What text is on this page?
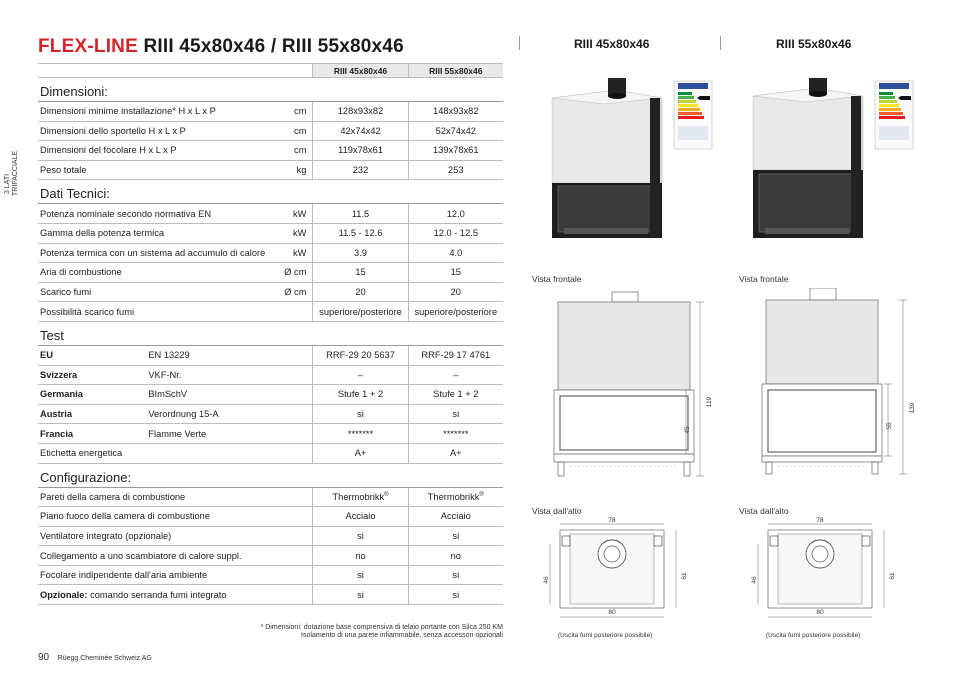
FLEX-LINE RIII 45x80x46 / RIII 55x80x46
3 LATI TRIFACCIALE
			RIII 45x80x46	RIII 55x80x46
Dimensioni:				
Dimensioni minime installazione* H x L x P		cm	128x93x82	148x93x82
Dimensioni dello sportello H x L x P		cm	42x74x42	52x74x42
Dimensioni del focolare H x L x P		cm	119x78x61	139x78x61
Peso totale		kg	232	253
Dati Tecnici:				
Potenza nominale secondo normativa EN		kW	11.5	12.0
Gamma della potenza termica		kW	11.5 - 12.6	12.0 - 12.5
Potenza termica con un sistema ad accumulo di calore		kW	3.9	4.0
Aria di combustione		Ø cm	15	15
Scarico fumi		Ø cm	20	20
Possibilità scarico fumi			superiore/posteriore	superiore/posteriore
Test				
EU	EN 13229		RRF-29 20 5637	RRF-29 17 4761
Svizzera	VKF-Nr.		–	–
Germania	BImSchV		Stufe 1 + 2	Stufe 1 + 2
Austria	Verordnung 15-A		si	si
Francia	Flamme Verte		*******	*******
Etichetta energetica			A+	A+
Configurazione:				
Pareti della camera di combustione			Thermobrikk®	Thermobrikk®
Piano fuoco della camera di combustione			Acciaio	Acciaio
Ventilatore integrato (opzionale)			si	si
Collegamento a uno scambiatore di calore suppl.			no	no
Focolare indipendente dall'aria ambiente			si	si
Opzionale: comando serranda fumi integrato			si	si
* Dimensioni: dotazione base comprensiva di telaio portante con Silca 250 KM
Isolamento di una parete infiammabile, senza accessori opzionali
90 Rüegg Cheminée Schweiz AG
RIII 45x80x46	RIII 55x80x46
Vista frontale	Vista frontale
119
45
139
55
Vista dall'alto	Vista dall'alto
78
46
61
80
78
46
61
80
(Uscita fumi posteriore possibile)	(Uscita fumi posteriore possibile)
